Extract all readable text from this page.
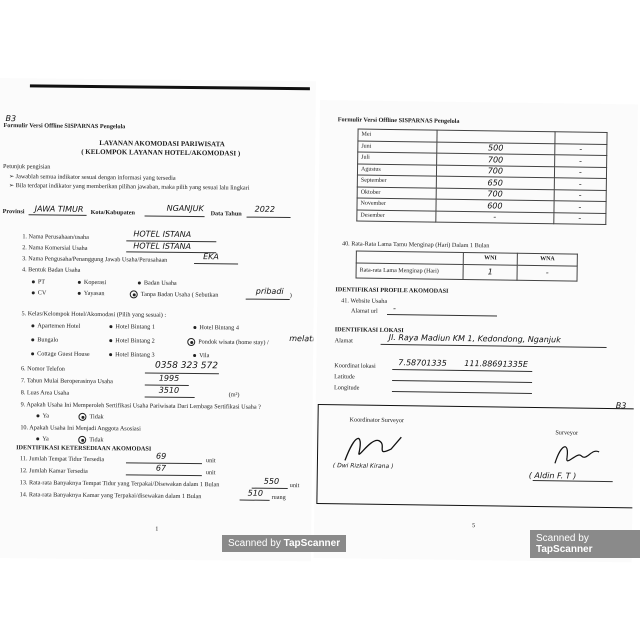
B3
Formulir Versi Offline SISPARNAS Pengelola
LAYANAN AKOMODASI PARIWISATA
( KELOMPOK LAYANAN HOTEL/AKOMODASI )
Petunjuk pengisian
➢ Jawablah semua indikator sesuai dengan informasi yang tersedia
➢ Bila terdapat indikator yang memberikan pilihan jawaban, maka pilih yang sesuai lalu lingkari
Provinsi JAWA TIMUR Kota/Kabupaten	NGANJUK
Data Tahun 2022
1. Nama Perusahaan/usaha	HOTEL ISTANA
2. Nama Komersial Usaha	HOTEL ISTANA
3. Nama Pengusaha/Penanggung Jawab Usaha/Perusahaan	EKA
4. Bentuk Badan Usaha
PT	Koperasi	Badan Usaha
CV	Yayasan	Tanpa Badan Usaha ( Sebutkan	pribadi )
5. Kelas/Kelompok Hotel/Akomodasi (Pilih yang sesuai) :
Apartemen Hotel	Hotel Bintang 1	Hotel Bintang 4
Bungalo	Hotel Bintang 2	Pondok wisata (home stay) /	melati
Cottage Guest House	Hotel Bintang 3	Vila
6. Nomor Telefon	0358 323 572
7. Tahun Mulai Beroperasinya Usaha	1995
8. Luas Area Usaha	3510
(m²)
9. Apakah Usaha Ini Memperoleh Sertifikasi Usaha Pariwisata Dari Lembaga Sertifikasi Usaha ?
Ya	Tidak
10. Apakah Usaha Ini Menjadi Anggota Asosiasi
Ya	Tidak
IDENTIFIKASI KETERSEDIAAN AKOMODASI
11. Jumlah Tempat Tidur Tersedia	69	unit
12. Jumlah Kamar Tersedia	67	unit
13. Rata-rata Banyaknya Tempat Tidur yang Terpakai/Disewakan dalam 1 Bulan	550 unit
14. Rata-rata Banyaknya Kamar yang Terpakai/disewakan dalam 1 Bulan	510 ruang
1
Formulir Versi Offline SISPARNAS Pengelola
Mei		
Juni	500	-
Juli	700	-
Agustus	700	-
September	650	-
Oktober	700	-
November	600	-
Desember	-	-
40. Rata-Rata Lama Tamu Menginap (Hari) Dalam 1 Bulan
	WNI	WNA
Rata-rata Lama Menginap (Hari)	1	-
IDENTIFIKASI PROFILE AKOMODASI
41. Website Usaha
Alamat url -
IDENTIFIKASI LOKASI
Alamat	Jl. Raya Madiun KM 1, Kedondong, Nganjuk
Koordinat lokasi	7.58701335 111.88691335E
Latitude
Longitude
B3
Koordinator Surveyor
( Dwi Rizkal Kirana )
Surveyor
( Aldin F. T )
5
Scanned by TapScanner	Scanned by TapScanner
